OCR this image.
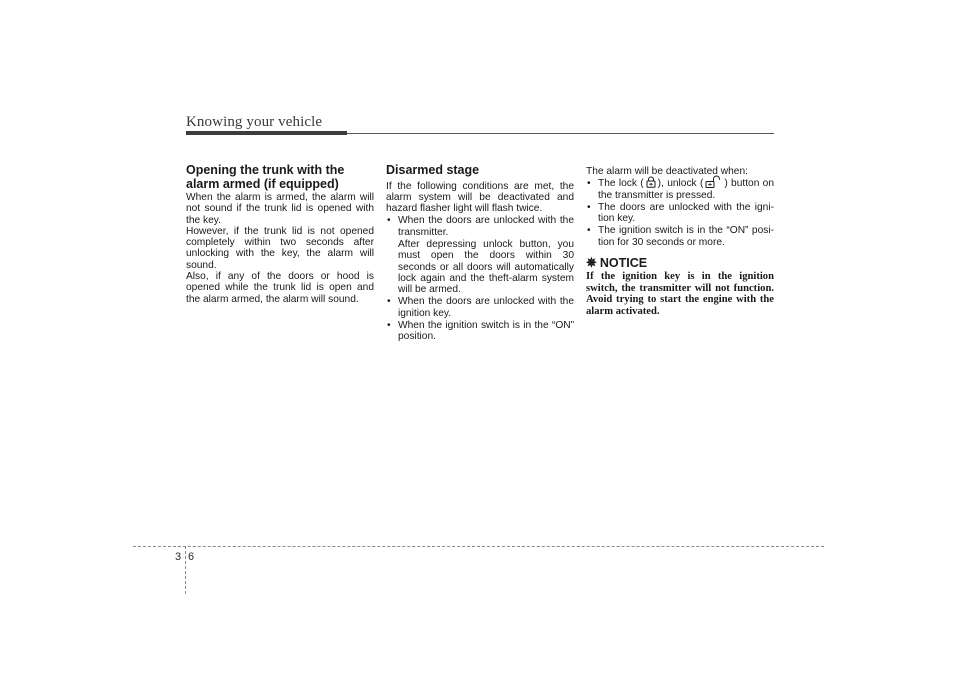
Knowing your vehicle
Opening the trunk with the alarm armed (if equipped)

When the alarm is armed, the alarm will not sound if the trunk lid is opened with the key.

However, if the trunk lid is not opened completely within two seconds after unlocking with the key, the alarm will sound.

Also, if any of the doors or hood is opened while the trunk lid is open and the alarm armed, the alarm will sound.

Disarmed stage

If the following conditions are met, the alarm system will be deactivated and hazard flasher light will flash twice.

• When the doors are unlocked with the transmitter.
After depressing unlock button, you must open the doors within 30 seconds or all doors will automatically lock again and the theft-alarm system will be armed.
• When the doors are unlocked with the ignition key.
• When the ignition switch is in the “ON” position.

The alarm will be deactivated when:

• The lock ( ), unlock ( ) button on the transmitter is pressed.
• The doors are unlocked with the igni-tion key.
• The ignition switch is in the “ON” posi-tion for 30 seconds or more.
✵ NOTICE
If the ignition key is in the ignition switch, the transmitter will not function. Avoid trying to start the engine with the alarm activated.
3 6
